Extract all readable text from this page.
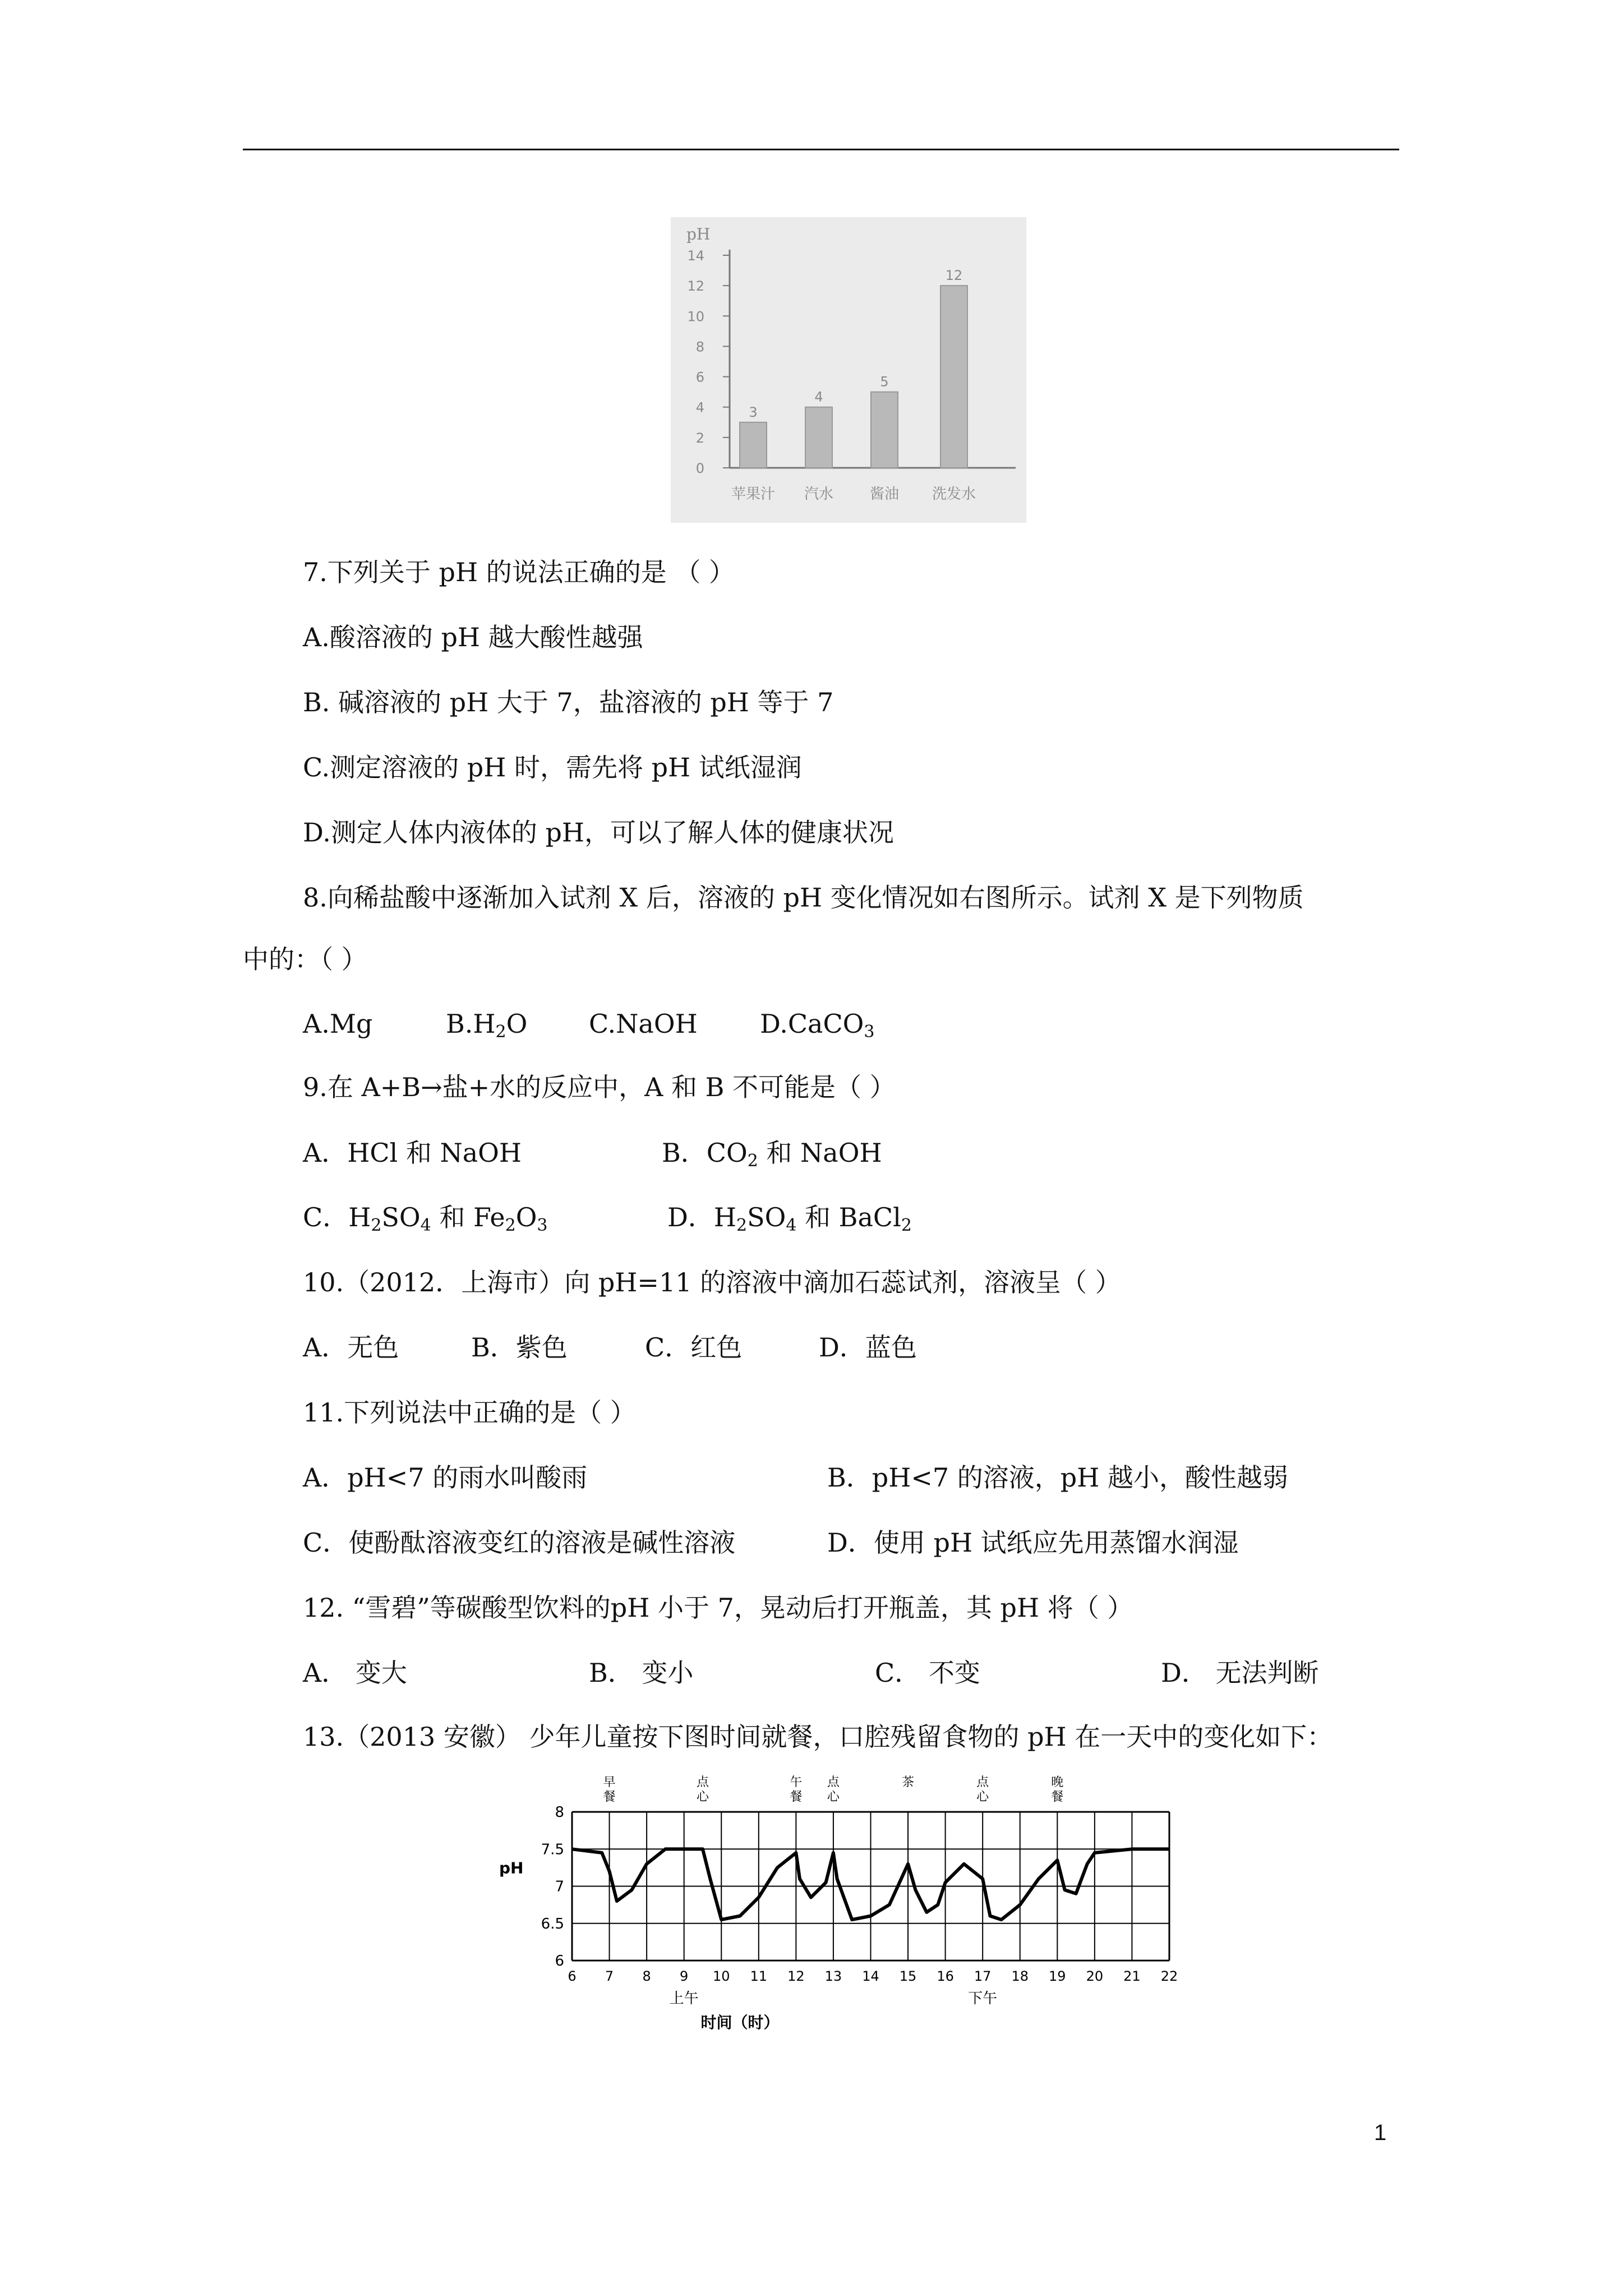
pH
0
2
4
6
8
10
12
14
3
苹果汁
4
汽水
5
酱油
12
洗发水
7.下列关于 pH 的说法正确的是 （ ）
A.酸溶液的 pH 越大酸性越强
B. 碱溶液的 pH 大于 7，盐溶液的 pH 等于 7
C.测定溶液的 pH 时，需先将 pH 试纸湿润
D.测定人体内液体的 pH，可以了解人体的健康状况
8.向稀盐酸中逐渐加入试剂 X 后，溶液的 pH 变化情况如右图所示。试剂 X 是下列物质
中的：（ ）
A.Mg	$B.H_2O$ C.NaOH D.CaCO$_3$
9.在 A+B→盐+水的反应中，A 和 B 不可能是（ ）
A．HCl 和 NaOH	B．$CO_2$ 和 NaOH
C．$H_2SO_4$ 和 $Fe_2O_3$	D．$H_2SO_4$ 和 BaCl$_2$
10.（2012．上海市）向 pH=11 的溶液中滴加石蕊试剂，溶液呈（ ）
A．无色	B．紫色	C．红色	D．蓝色
11.下列说法中正确的是（ ）
A．pH<7 的雨水叫酸雨	B．pH<7 的溶液，pH 越小，酸性越弱
C．使酚酞溶液变红的溶液是碱性溶液	D．使用 pH 试纸应先用蒸馏水润湿
12. “雪碧”等碳酸型饮料的pH 小于 7，晃动后打开瓶盖，其 pH 将（ ）
A． 变大	B． 变小	C． 不变	D． 无法判断
13.（2013 安徽） 少年儿童按下图时间就餐，口腔残留食物的 pH 在一天中的变化如下：
6
6.5
7
7.5
8
pH
6 7 8 9 10 11 12 13 14 15 16 17 18 19 20 21 22
上午	下午
时间（时）
早
餐
点
心
午
餐
点
心
茶	点
心
晚
餐
1
